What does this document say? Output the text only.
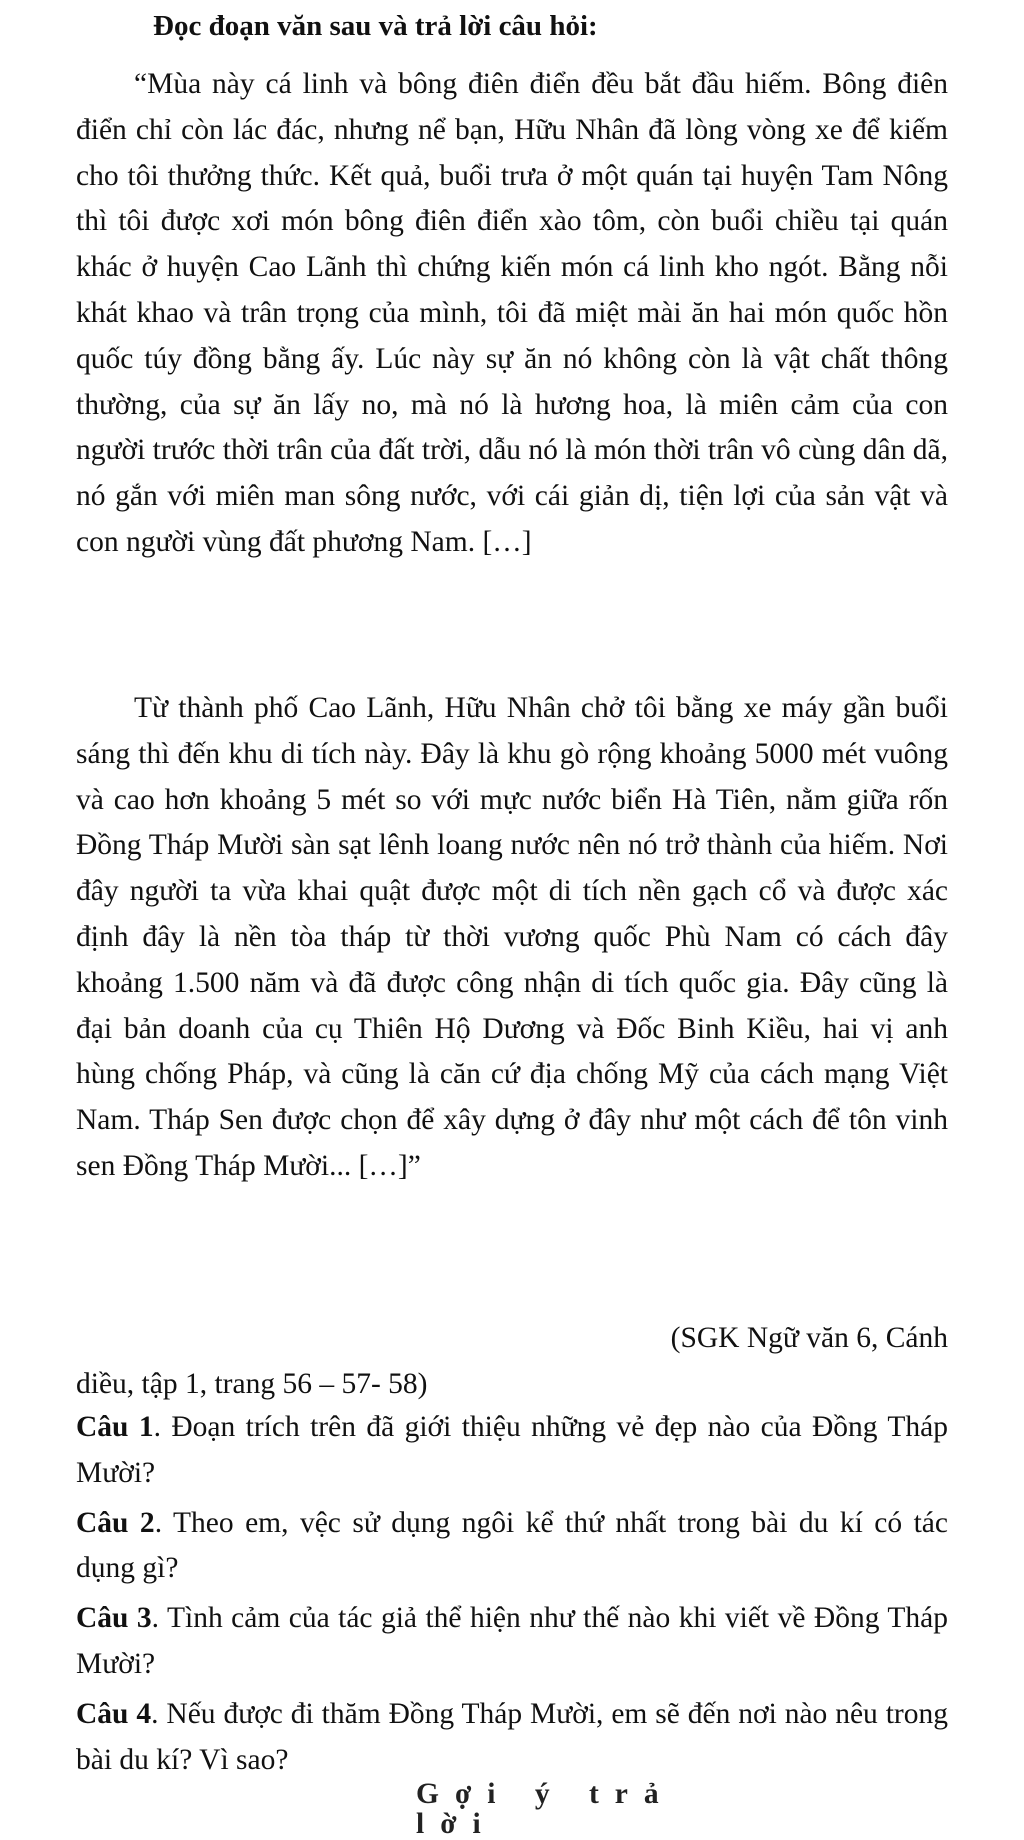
Đọc đoạn văn sau và trả lời câu hỏi:

“Mùa này cá linh và bông điên điển đều bắt đầu hiếm. Bông điên điển chỉ còn lác đác, nhưng nể bạn, Hữu Nhân đã lòng vòng xe để kiếm cho tôi thưởng thức. Kết quả, buổi trưa ở một quán tại huyện Tam Nông thì tôi được xơi món bông điên điển xào tôm, còn buổi chiều tại quán khác ở huyện Cao Lãnh thì chứng kiến món cá linh kho ngót. Bằng nỗi khát khao và trân trọng của mình, tôi đã miệt mài ăn hai món quốc hồn quốc túy đồng bằng ấy. Lúc này sự ăn nó không còn là vật chất thông thường, của sự ăn lấy no, mà nó là hương hoa, là miên cảm của con người trước thời trân của đất trời, dẫu nó là món thời trân vô cùng dân dã, nó gắn với miên man sông nước, với cái giản dị, tiện lợi của sản vật và con người vùng đất phương Nam. […]

Từ thành phố Cao Lãnh, Hữu Nhân chở tôi bằng xe máy gần buổi sáng thì đến khu di tích này. Đây là khu gò rộng khoảng 5000 mét vuông và cao hơn khoảng 5 mét so với mực nước biển Hà Tiên, nằm giữa rốn Đồng Tháp Mười sàn sạt lênh loang nước nên nó trở thành của hiếm. Nơi đây người ta vừa khai quật được một di tích nền gạch cổ và được xác định đây là nền tòa tháp từ thời vương quốc Phù Nam có cách đây khoảng 1.500 năm và đã được công nhận di tích quốc gia. Đây cũng là đại bản doanh của cụ Thiên Hộ Dương và Đốc Binh Kiều, hai vị anh hùng chống Pháp, và cũng là căn cứ địa chống Mỹ của cách mạng Việt Nam. Tháp Sen được chọn để xây dựng ở đây như một cách để tôn vinh sen Đồng Tháp Mười... […]”

(SGK Ngữ văn 6, Cánh
diều, tập 1, trang 56 – 57- 58)

Câu 1. Đoạn trích trên đã giới thiệu những vẻ đẹp nào của Đồng Tháp Mười?

Câu 2. Theo em, vệc sử dụng ngôi kể thứ nhất trong bài du kí có tác dụng gì?

Câu 3. Tình cảm của tác giả thể hiện như thế nào khi viết về Đồng Tháp Mười?

Câu 4. Nếu được đi thăm Đồng Tháp Mười, em sẽ đến nơi nào nêu trong bài du kí? Vì sao?

Gợi ý trả lời
